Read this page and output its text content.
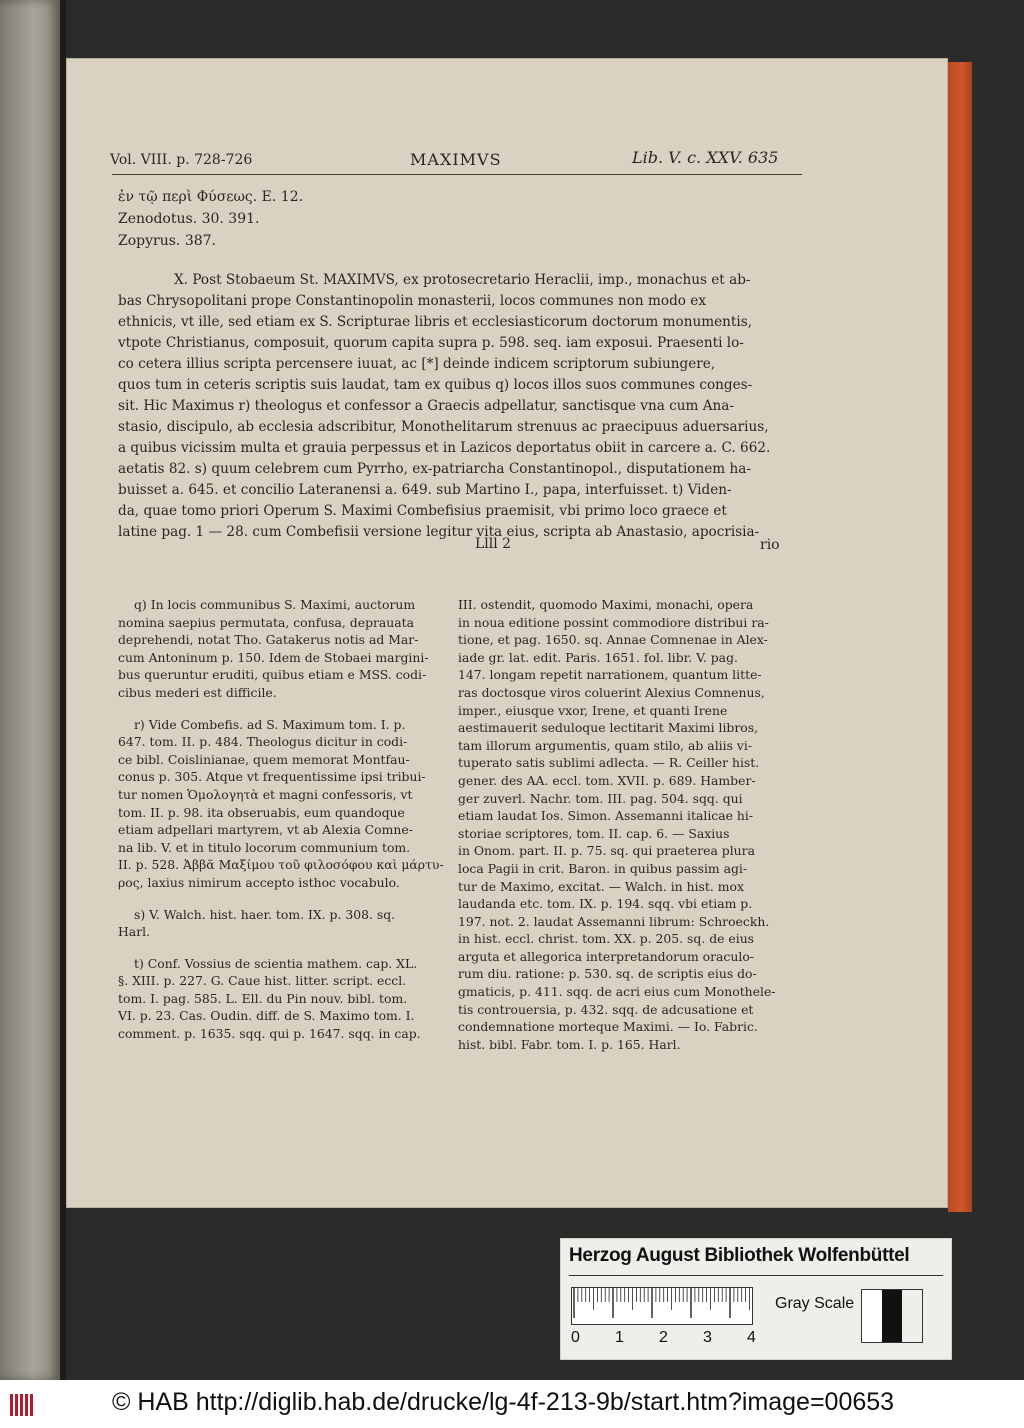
Vol. VIII. p. 728-726	MAXIMVS	Lib. V. c. XXV. 635
ἐν τῷ περὶ Φύσεως. E. 12.
Zenodotus. 30. 391.
Zopyrus. 387.
X. Post Stobaeum St. MAXIMVS, ex protosecretario Heraclii, imp., monachus et ab-
bas Chrysopolitani prope Constantinopolin monasterii, locos communes non modo ex
ethnicis, vt ille, sed etiam ex S. Scripturae libris et ecclesiasticorum doctorum monumentis,
vtpote Christianus, composuit, quorum capita supra p. 598. seq. iam exposui. Praesenti lo-
co cetera illius scripta percensere iuuat, ac [*] deinde indicem scriptorum subiungere,
quos tum in ceteris scriptis suis laudat, tam ex quibus q) locos illos suos communes conges-
sit. Hic Maximus r) theologus et confessor a Graecis adpellatur, sanctisque vna cum Ana-
stasio, discipulo, ab ecclesia adscribitur, Monothelitarum strenuus ac praecipuus aduersarius,
a quibus vicissim multa et grauia perpessus et in Lazicos deportatus obiit in carcere a. C. 662.
aetatis 82. s) quum celebrem cum Pyrrho, ex-patriarcha Constantinopol., disputationem ha-
buisset a. 645. et concilio Lateranensi a. 649. sub Martino I., papa, interfuisset. t) Viden-
da, quae tomo priori Operum S. Maximi Combefisius praemisit, vbi primo loco graece et
latine pag. 1 — 28. cum Combefisii versione legitur vita eius, scripta ab Anastasio, apocrisia-
Llll 2	rio
q) In locis communibus S. Maximi, auctorum
nomina saepius permutata, confusa, deprauata
deprehendi, notat Tho. Gatakerus notis ad Mar-
cum Antoninum p. 150. Idem de Stobaei margini-
bus queruntur eruditi, quibus etiam e MSS. codi-
cibus mederi est difficile.
r) Vide Combefis. ad S. Maximum tom. I. p.
647. tom. II. p. 484. Theologus dicitur in codi-
ce bibl. Coislinianae, quem memorat Montfau-
conus p. 305. Atque vt frequentissime ipsi tribui-
tur nomen Ὁμολογητὰ et magni confessoris, vt
tom. II. p. 98. ita obseruabis, eum quandoque
etiam adpellari martyrem, vt ab Alexia Comne-
na lib. V. et in titulo locorum communium tom.
II. p. 528. Ἀββᾶ Μαξίμου τοῦ φιλοσόφου καὶ μάρτυ-
ρος, laxius nimirum accepto isthoc vocabulo.
s) V. Walch. hist. haer. tom. IX. p. 308. sq.
Harl.
t) Conf. Vossius de scientia mathem. cap. XL.
§. XIII. p. 227. G. Caue hist. litter. script. eccl.
tom. I. pag. 585. L. Ell. du Pin nouv. bibl. tom.
VI. p. 23. Cas. Oudin. diff. de S. Maximo tom. I.
comment. p. 1635. sqq. qui p. 1647. sqq. in cap.
III. ostendit, quomodo Maximi, monachi, opera
in noua editione possint commodiore distribui ra-
tione, et pag. 1650. sq. Annae Comnenae in Alex-
iade gr. lat. edit. Paris. 1651. fol. libr. V. pag.
147. longam repetit narrationem, quantum litte-
ras doctosque viros coluerint Alexius Comnenus,
imper., eiusque vxor, Irene, et quanti Irene
aestimauerit seduloque lectitarit Maximi libros,
tam illorum argumentis, quam stilo, ab aliis vi-
tuperato satis sublimi adlecta. — R. Ceiller hist.
gener. des AA. eccl. tom. XVII. p. 689. Hamber-
ger zuverl. Nachr. tom. III. pag. 504. sqq. qui
etiam laudat Ios. Simon. Assemanni italicae hi-
storiae scriptores, tom. II. cap. 6. — Saxius
in Onom. part. II. p. 75. sq. qui praeterea plura
loca Pagii in crit. Baron. in quibus passim agi-
tur de Maximo, excitat. — Walch. in hist. mox
laudanda etc. tom. IX. p. 194. sqq. vbi etiam p.
197. not. 2. laudat Assemanni librum: Schroeckh.
in hist. eccl. christ. tom. XX. p. 205. sq. de eius
arguta et allegorica interpretandorum oraculo-
rum diu. ratione: p. 530. sq. de scriptis eius do-
gmaticis, p. 411. sqq. de acri eius cum Monothele-
tis controuersia, p. 432. sqq. de adcusatione et
condemnatione morteque Maximi. — Io. Fabric.
hist. bibl. Fabr. tom. I. p. 165. Harl.
Herzog August Bibliothek Wolfenbüttel
0 1 2 3 4
Gray Scale
© HAB http://diglib.hab.de/drucke/lg-4f-213-9b/start.htm?image=00653
